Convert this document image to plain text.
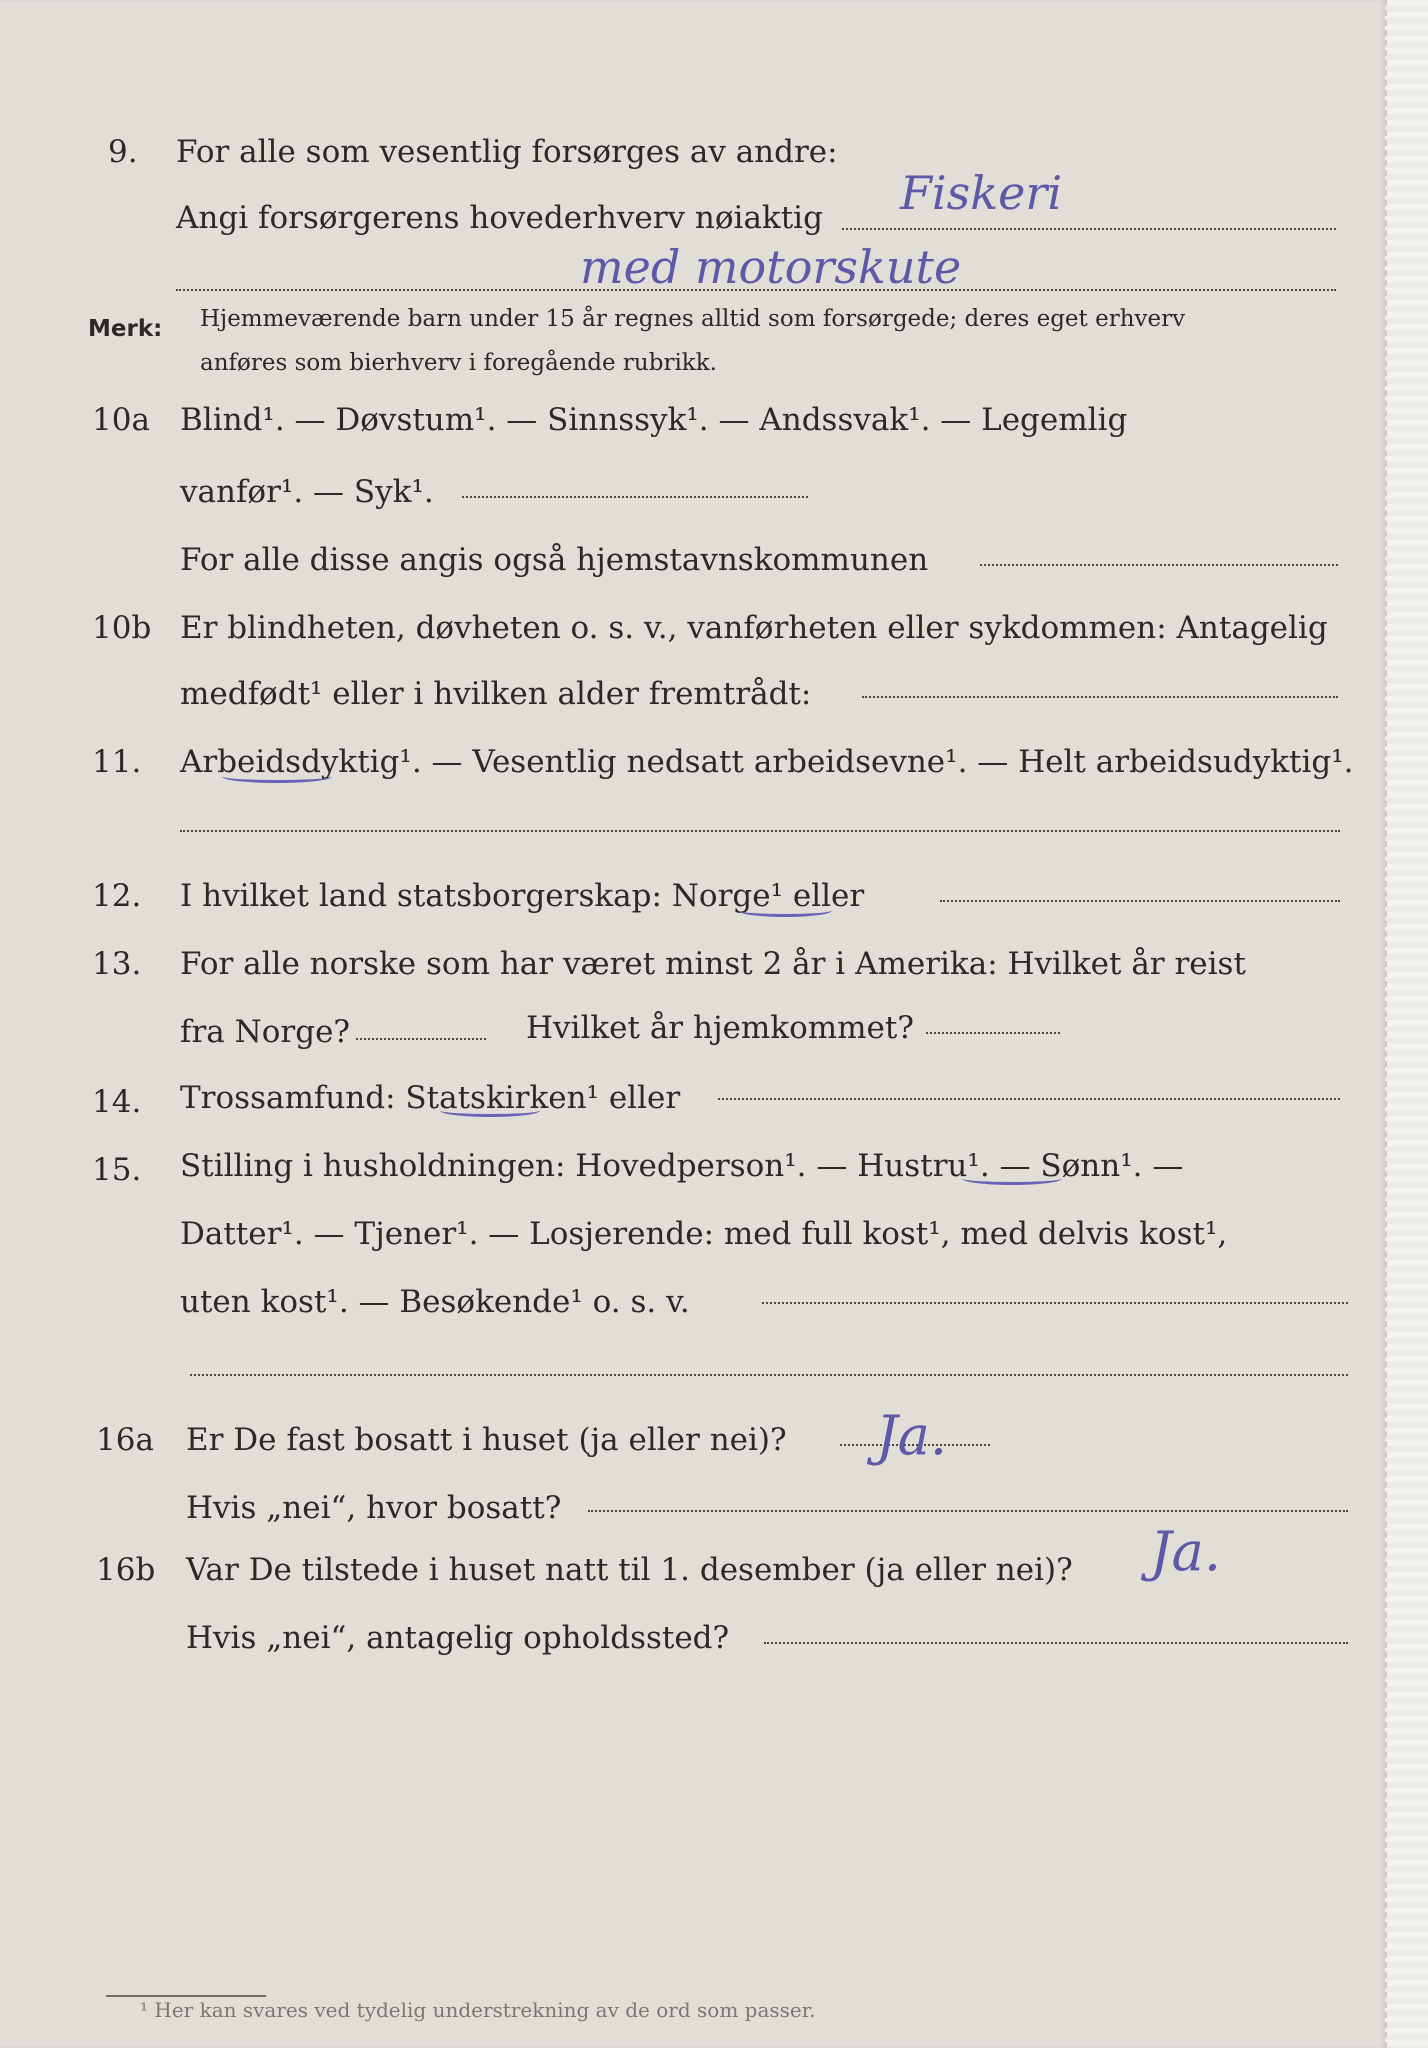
9. For alle som vesentlig forsørges av andre:
Angi forsørgerens hovederhverv nøiaktig Fiskeri
med motorskute
Merk: Hjemmeværende barn under 15 år regnes alltid som forsørgede; deres eget erhverv
anføres som bierhverv i foregående rubrikk.
10a Blind¹. — Døvstum¹. — Sinnssyk¹. — Andssvak¹. — Legemlig
vanfør¹. — Syk¹.
For alle disse angis også hjemstavnskommunen
10b Er blindheten, døvheten o. s. v., vanførheten eller sykdommen: Antagelig
medfødt¹ eller i hvilken alder fremtrådt:
11. Arbeidsdyktig¹. — Vesentlig nedsatt arbeidsevne¹. — Helt arbeidsudyktig¹.
12. I hvilket land statsborgerskap: Norge¹ eller
13. For alle norske som har været minst 2 år i Amerika: Hvilket år reist
fra Norge?	Hvilket år hjemkommet?
14. Trossamfund: Statskirken¹ eller
15. Stilling i husholdningen: Hovedperson¹. — Hustru¹. — Sønn¹. —
Datter¹. — Tjener¹. — Losjerende: med full kost¹, med delvis kost¹,
uten kost¹. — Besøkende¹ o. s. v.
16a Er De fast bosatt i huset (ja eller nei)? Ja.
Hvis „nei“, hvor bosatt?
16b Var De tilstede i huset natt til 1. desember (ja eller nei)? Ja.
Hvis „nei“, antagelig opholdssted?
¹ Her kan svares ved tydelig understrekning av de ord som passer.
